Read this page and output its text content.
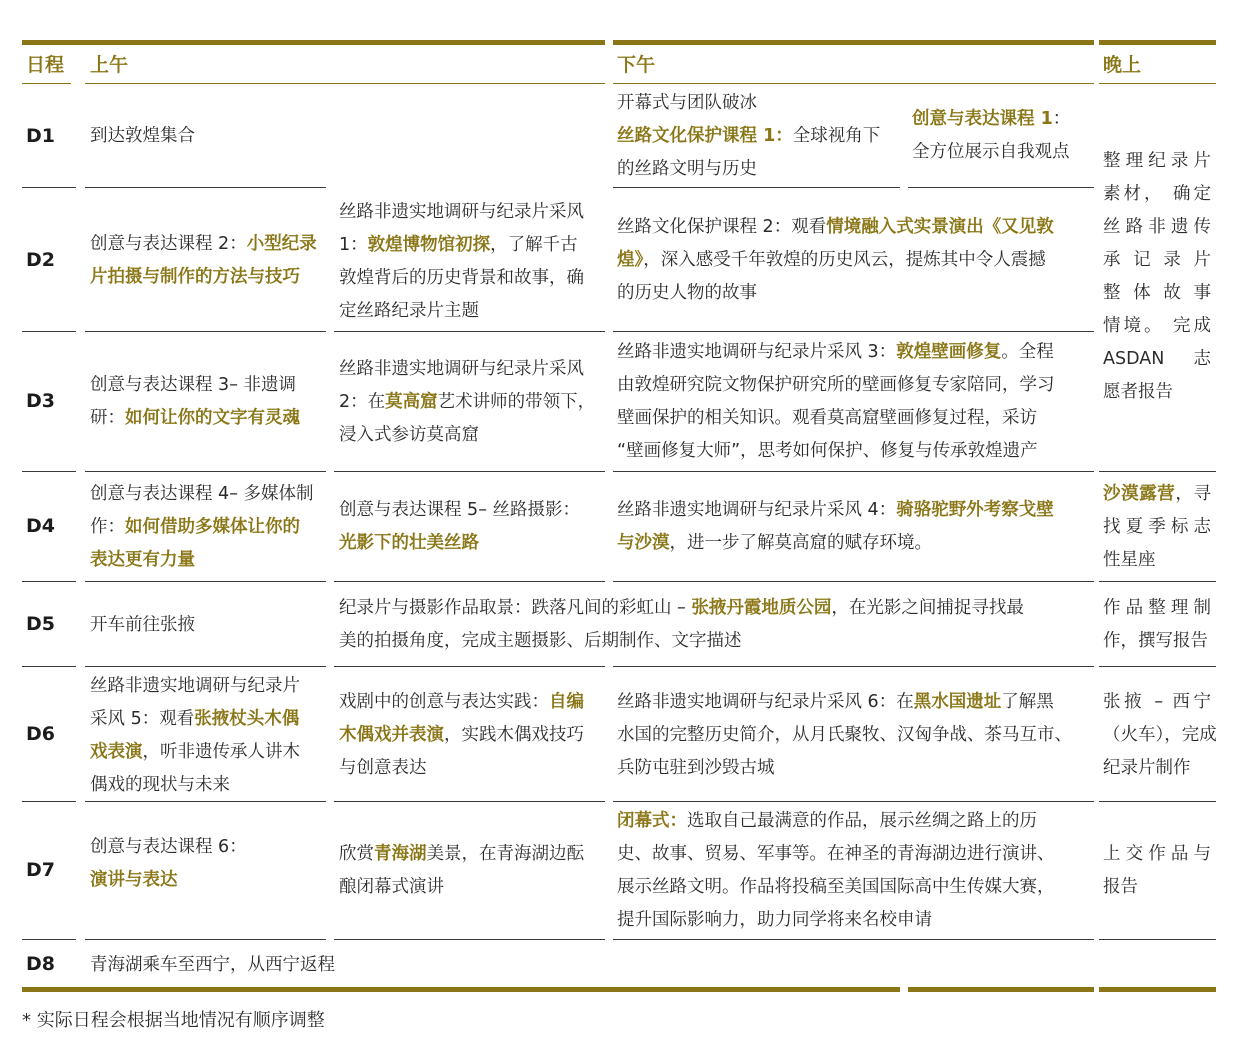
日程 上午	下午	晚上
D1
D2
D3
D4
D5
D6
D7
D8
到达敦煌集合
开幕式与团队破冰
丝路文化保护课程 1：全球视角下
的丝路文明与历史
创意与表达课程 1：
全方位展示自我观点 整理纪录片
素材， 确定
丝路非遗传
承记录片
整体故事
情境。 完成
ASDAN 志
愿者报告
创意与表达课程 2：小型纪录
片拍摄与制作的方法与技巧
丝路非遗实地调研与纪录片采风
1：敦煌博物馆初探，了解千古
敦煌背后的历史背景和故事，确
定丝路纪录片主题
丝路文化保护课程 2：观看情境融入式实景演出《又见敦
煌》，深入感受千年敦煌的历史风云，提炼其中令人震撼
的历史人物的故事
创意与表达课程 3– 非遗调
研：如何让你的文字有灵魂
丝路非遗实地调研与纪录片采风
2：在莫高窟艺术讲师的带领下，
浸入式参访莫高窟
丝路非遗实地调研与纪录片采风 3：敦煌壁画修复。全程
由敦煌研究院文物保护研究所的壁画修复专家陪同，学习
壁画保护的相关知识。观看莫高窟壁画修复过程，采访
“壁画修复大师”，思考如何保护、修复与传承敦煌遗产
创意与表达课程 4– 多媒体制
作：如何借助多媒体让你的
表达更有力量
创意与表达课程 5– 丝路摄影：
光影下的壮美丝路
丝路非遗实地调研与纪录片采风 4：骑骆驼野外考察戈壁
与沙漠，进一步了解莫高窟的赋存环境。
沙漠露营，寻
找夏季标志
性星座
开车前往张掖
纪录片与摄影作品取景：跌落凡间的彩虹山 – 张掖丹霞地质公园，在光影之间捕捉寻找最
美的拍摄角度，完成主题摄影、后期制作、文字描述
作品整理制
作，撰写报告
丝路非遗实地调研与纪录片
采风 5：观看张掖杖头木偶
戏表演，听非遗传承人讲木
偶戏的现状与未来
戏剧中的创意与表达实践：自编
木偶戏并表演，实践木偶戏技巧
与创意表达
丝路非遗实地调研与纪录片采风 6：在黑水国遗址了解黑
水国的完整历史简介，从月氏聚牧、汉匈争战、茶马互市、
兵防屯驻到沙毁古城
张掖 – 西宁
（火车），完成
纪录片制作
创意与表达课程 6：
演讲与表达
欣赏青海湖美景，在青海湖边酝
酿闭幕式演讲
闭幕式：选取自己最满意的作品，展示丝绸之路上的历
史、故事、贸易、军事等。在神圣的青海湖边进行演讲、
展示丝路文明。作品将投稿至美国国际高中生传媒大赛，
提升国际影响力，助力同学将来名校申请
上交作品与
报告
青海湖乘车至西宁，从西宁返程
* 实际日程会根据当地情况有顺序调整
